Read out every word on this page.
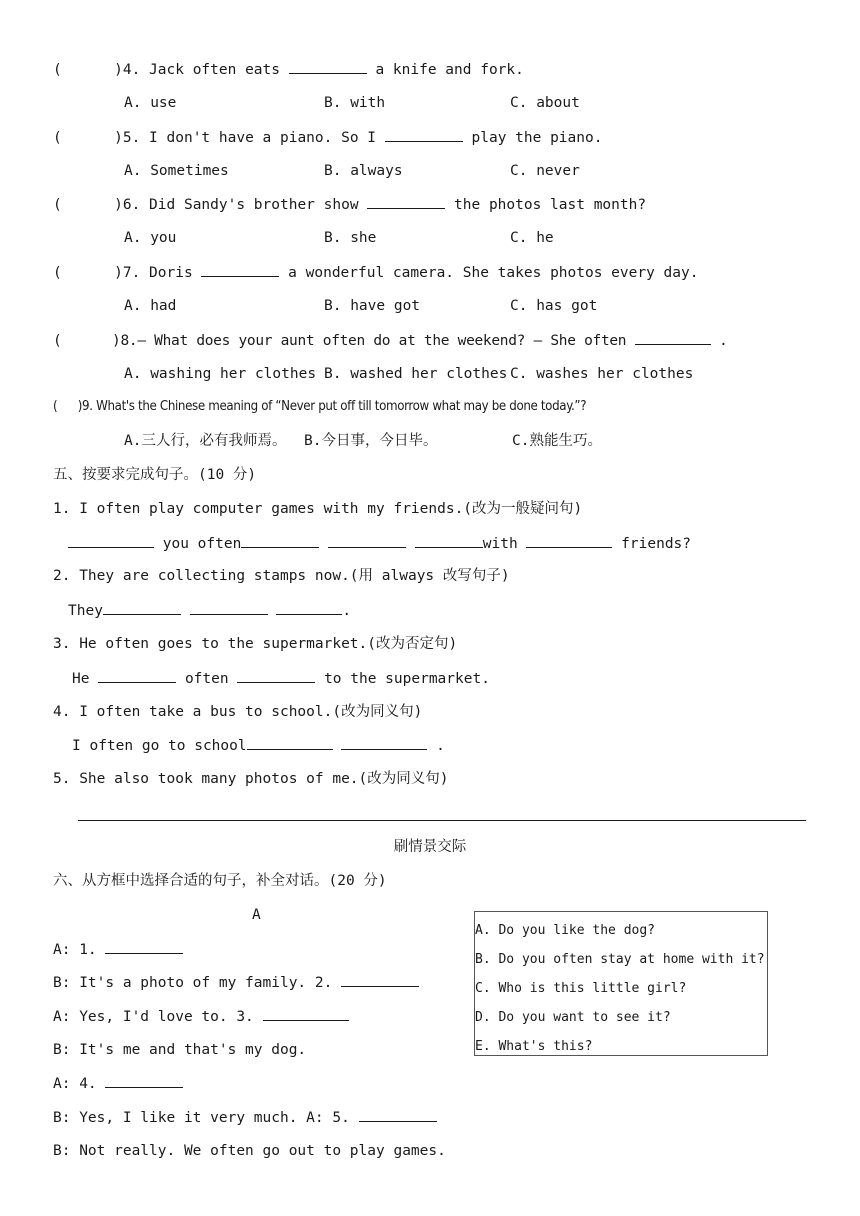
(      )4. Jack often eats	a knife and fork.
A. use	B. with	C. about
(      )5. I don't have a piano. So I	play the piano.
A. Sometimes	B. always	C. never
(      )6. Did Sandy's brother show	the photos last month?
A. you	B. she	C. he
(      )7. Doris	a wonderful camera. She takes photos every day.
A. had	B. have got	C. has got
(      )8.— What does your aunt often do at the weekend? — She often	.
A. washing her clothes B. washed her clothes C. washes her clothes
(      )9. What's the Chinese meaning of “Never put off till tomorrow what may be done today.”?
A.三人行，必有我师焉。 B.今日事，今日毕。	C.熟能生巧。
五、按要求完成句子。(10 分)
1. I often play computer games with my friends.(改为一般疑问句)
you often	with	friends?
2. They are collecting stamps now.(用 always 改写句子)
They	.
3. He often goes to the supermarket.(改为否定句)
He	often	to the supermarket.
4. I often take a bus to school.(改为同义句)
I often go to school	.
5. She also took many photos of me.(改为同义句)
刷情景交际
六、从方框中选择合适的句子，补全对话。(20 分)
A
A: 1.
B: It's a photo of my family. 2.
A: Yes, I'd love to. 3.
B: It's me and that's my dog.
A: 4.
B: Yes, I like it very much. A: 5.
B: Not really. We often go out to play games.
A. Do you like the dog?
B. Do you often stay at home with it?
C. Who is this little girl?
D. Do you want to see it?
E. What's this?
